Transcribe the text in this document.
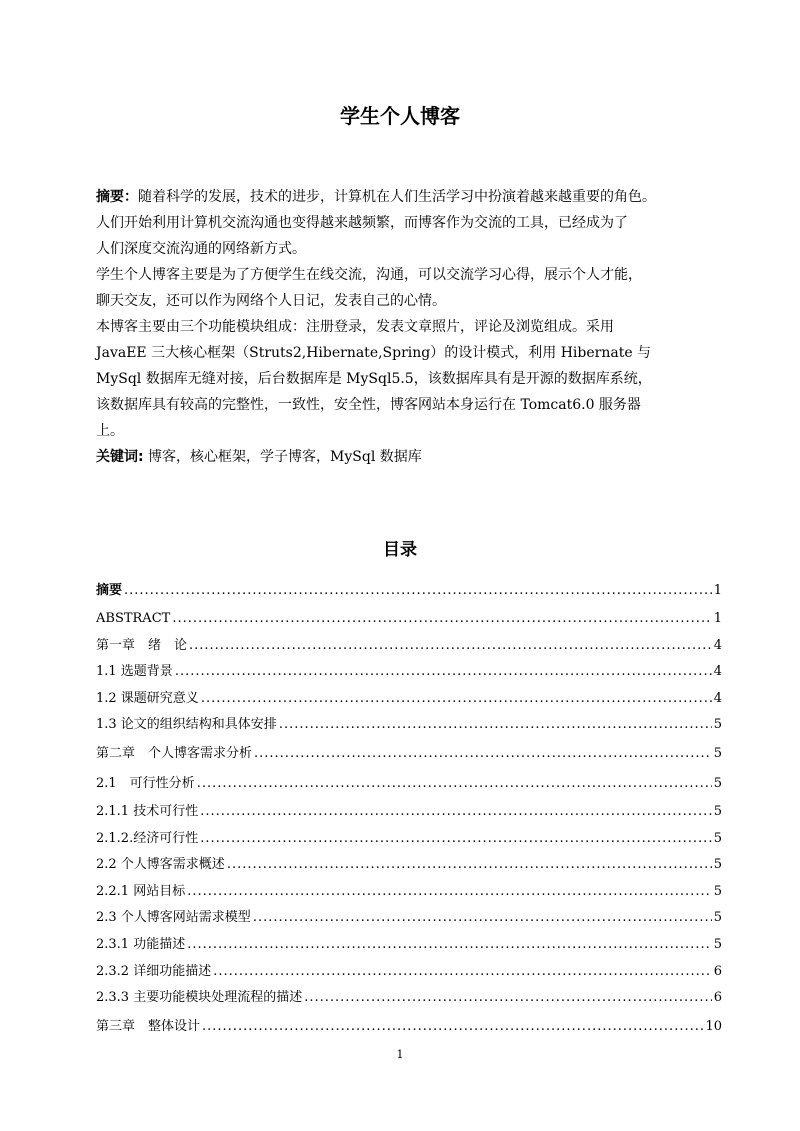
学生个人博客
摘要：随着科学的发展，技术的进步，计算机在人们生活学习中扮演着越来越重要的角色。
人们开始利用计算机交流沟通也变得越来越频繁，而博客作为交流的工具，已经成为了
人们深度交流沟通的网络新方式。
学生个人博客主要是为了方便学生在线交流，沟通，可以交流学习心得，展示个人才能，
聊天交友，还可以作为网络个人日记，发表自己的心情。
本博客主要由三个功能模块组成：注册登录，发表文章照片，评论及浏览组成。采用
JavaEE 三大核心框架（Struts2,Hibernate,Spring）的设计模式，利用 Hibernate 与
MySql 数据库无缝对接，后台数据库是 MySql5.5，该数据库具有是开源的数据库系统，
该数据库具有较高的完整性，一致性，安全性，博客网站本身运行在 Tomcat6.0 服务器
上。
关键词: 博客，核心框架，学子博客，MySql 数据库
目录
摘要 .....	1
ABSTRACT .....	1
第一章　绪　论 .....	4
1.1 选题背景 .....	4
1.2 课题研究意义 .....	4
1.3 论文的组织结构和具体安排 .....	5
第二章　个人博客需求分析 .....	5
2.1　可行性分析 .....	5
2.1.1 技术可行性 .....	5
2.1.2.经济可行性 .....	5
2.2 个人博客需求概述 .....	5
2.2.1 网站目标 .....	5
2.3 个人博客网站需求模型 .....	5
2.3.1 功能描述 .....	5
2.3.2 详细功能描述 .....	6
2.3.3 主要功能模块处理流程的描述 .....	6
第三章　整体设计 .....	10
1
